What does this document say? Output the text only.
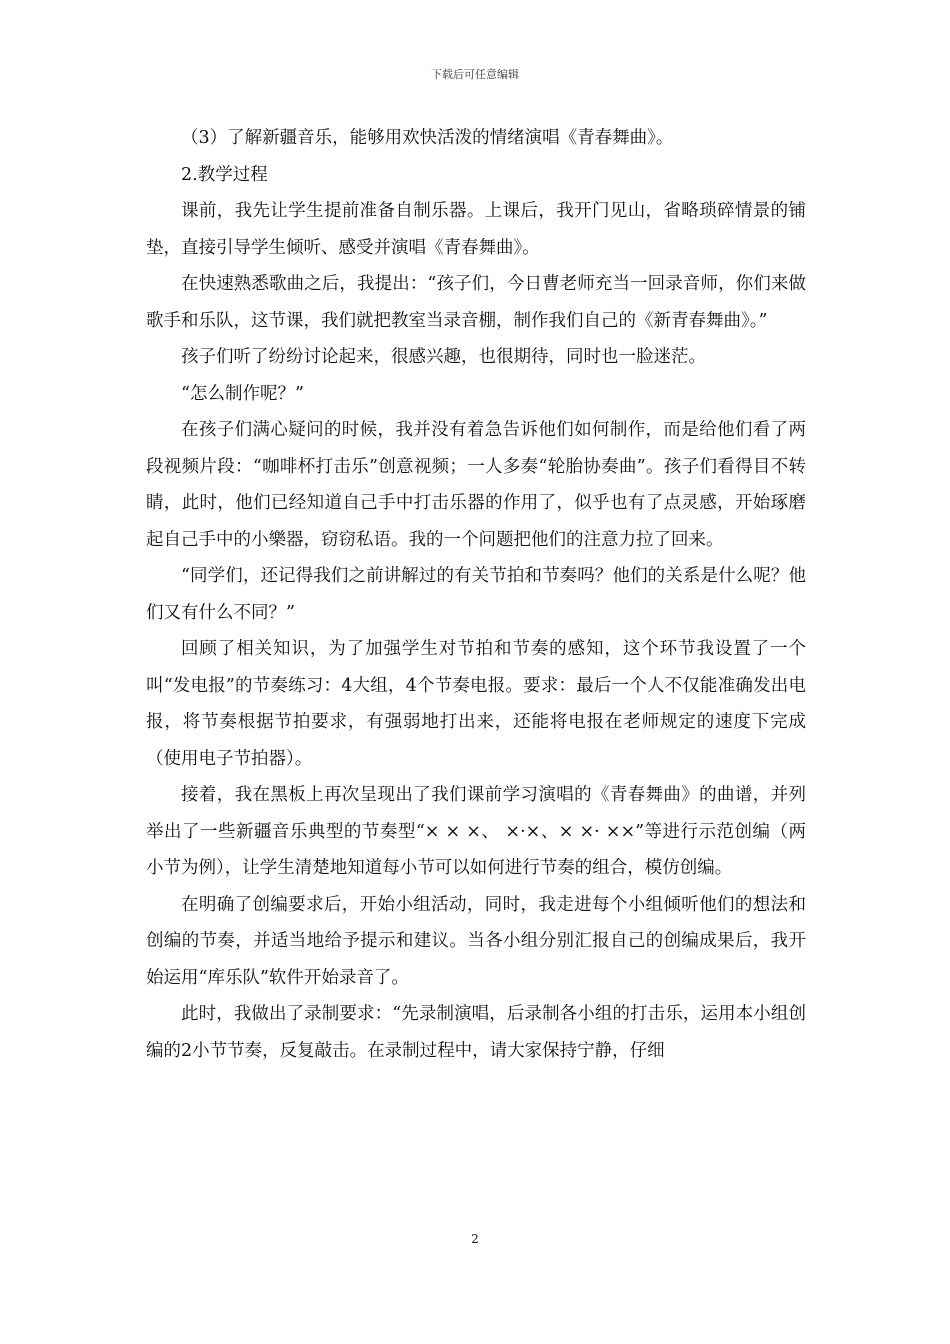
下载后可任意编辑

（3）了解新疆音乐，能够用欢快活泼的情绪演唱《青春舞曲》。

2.教学过程

课前，我先让学生提前准备自制乐器。上课后，我开门见山，省略琐碎情景的铺垫，直接引导学生倾听、感受并演唱《青春舞曲》。

在快速熟悉歌曲之后，我提出：“孩子们，今日曹老师充当一回录音师，你们来做歌手和乐队，这节课，我们就把教室当录音棚，制作我们自己的《新青春舞曲》。”

孩子们听了纷纷讨论起来，很感兴趣，也很期待，同时也一脸迷茫。

“怎么制作呢？”

在孩子们满心疑问的时候，我并没有着急告诉他们如何制作，而是给他们看了两段视频片段：“咖啡杯打击乐”创意视频；一人多奏“轮胎协奏曲”。孩子们看得目不转睛，此时，他们已经知道自己手中打击乐器的作用了，似乎也有了点灵感，开始琢磨起自己手中的小樂器，窃窃私语。我的一个问题把他们的注意力拉了回来。

“同学们，还记得我们之前讲解过的有关节拍和节奏吗？他们的关系是什么呢？他们又有什么不同？”

回顾了相关知识，为了加强学生对节拍和节奏的感知，这个环节我设置了一个叫“发电报”的节奏练习：4大组，4个节奏电报。要求：最后一个人不仅能准确发出电报，将节奏根据节拍要求，有强弱地打出来，还能将电报在老师规定的速度下完成（使用电子节拍器）。

接着，我在黑板上再次呈现出了我们课前学习演唱的《青春舞曲》的曲谱，并列举出了一些新疆音乐典型的节奏型“× × ×、 ×·×、× ×· ××”等进行示范创编（两小节为例），让学生清楚地知道每小节可以如何进行节奏的组合，模仿创编。

在明确了创编要求后，开始小组活动，同时，我走进每个小组倾听他们的想法和创编的节奏，并适当地给予提示和建议。当各小组分别汇报自己的创编成果后，我开始运用“库乐队”软件开始录音了。

此时，我做出了录制要求：“先录制演唱，后录制各小组的打击乐，运用本小组创编的2小节节奏，反复敲击。在录制过程中，请大家保持宁静，仔细

2
